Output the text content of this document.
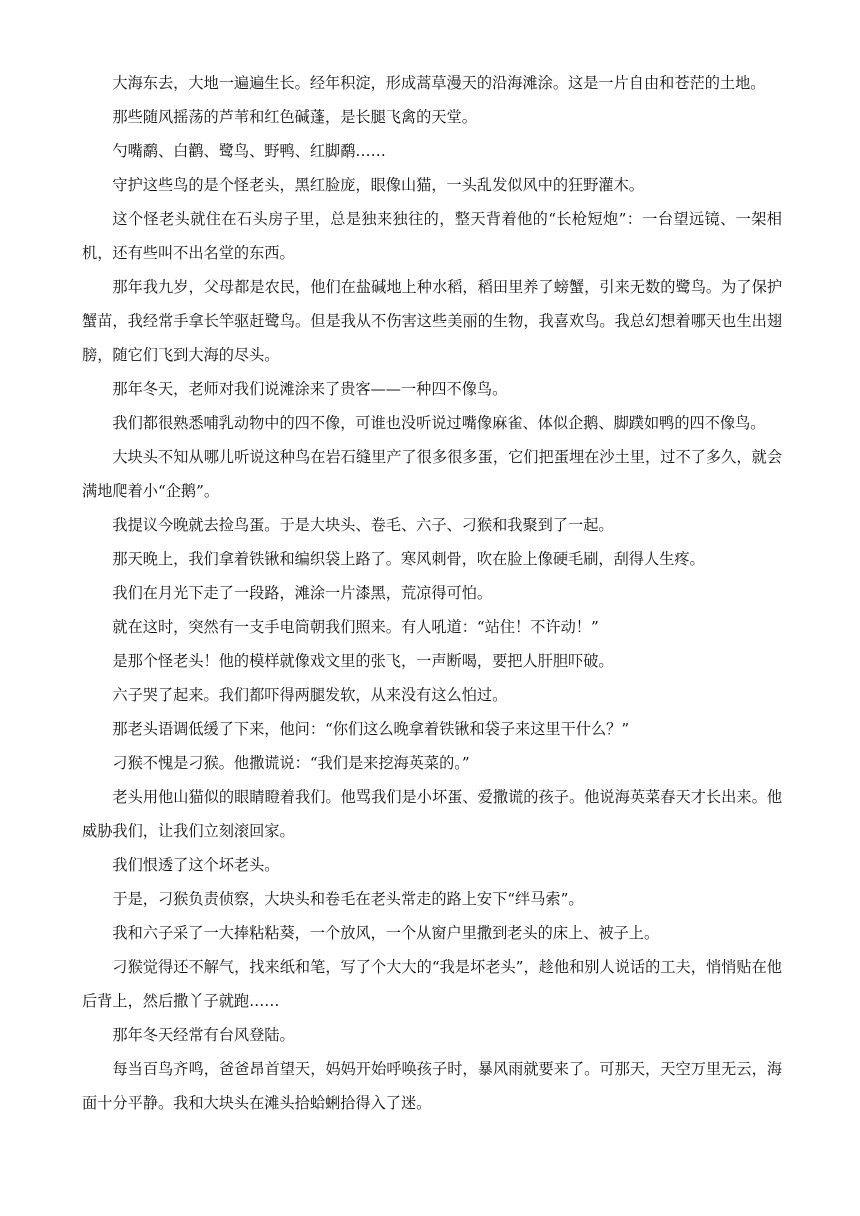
大海东去，大地一遍遍生长。经年积淀，形成蒿草漫天的沿海滩涂。这是一片自由和苍茫的土地。

那些随风摇荡的芦苇和红色碱蓬，是长腿飞禽的天堂。

勺嘴鹬、白鹳、鹭鸟、野鸭、红脚鹬……

守护这些鸟的是个怪老头，黑红脸庞，眼像山猫，一头乱发似风中的狂野灌木。

这个怪老头就住在石头房子里，总是独来独往的，整天背着他的“长枪短炮”：一台望远镜、一架相机，还有些叫不出名堂的东西。

那年我九岁，父母都是农民，他们在盐碱地上种水稻，稻田里养了螃蟹，引来无数的鹭鸟。为了保护蟹苗，我经常手拿长竿驱赶鹭鸟。但是我从不伤害这些美丽的生物，我喜欢鸟。我总幻想着哪天也生出翅膀，随它们飞到大海的尽头。

那年冬天，老师对我们说滩涂来了贵客——一种四不像鸟。

我们都很熟悉哺乳动物中的四不像，可谁也没听说过嘴像麻雀、体似企鹅、脚蹼如鸭的四不像鸟。

大块头不知从哪儿听说这种鸟在岩石缝里产了很多很多蛋，它们把蛋埋在沙土里，过不了多久，就会满地爬着小“企鹅”。

我提议今晚就去捡鸟蛋。于是大块头、卷毛、六子、刁猴和我聚到了一起。

那天晚上，我们拿着铁锹和编织袋上路了。寒风刺骨，吹在脸上像硬毛刷，刮得人生疼。

我们在月光下走了一段路，滩涂一片漆黑，荒凉得可怕。

就在这时，突然有一支手电筒朝我们照来。有人吼道：“站住！不许动！”

是那个怪老头！他的模样就像戏文里的张飞，一声断喝，要把人肝胆吓破。

六子哭了起来。我们都吓得两腿发软，从来没有这么怕过。

那老头语调低缓了下来，他问：“你们这么晚拿着铁锹和袋子来这里干什么？”

刁猴不愧是刁猴。他撒谎说：“我们是来挖海英菜的。”

老头用他山猫似的眼睛瞪着我们。他骂我们是小坏蛋、爱撒谎的孩子。他说海英菜春天才长出来。他威胁我们，让我们立刻滚回家。

我们恨透了这个坏老头。

于是，刁猴负责侦察，大块头和卷毛在老头常走的路上安下“绊马索”。

我和六子采了一大捧粘粘葵，一个放风，一个从窗户里撒到老头的床上、被子上。

刁猴觉得还不解气，找来纸和笔，写了个大大的“我是坏老头”，趁他和别人说话的工夫，悄悄贴在他后背上，然后撒丫子就跑……

那年冬天经常有台风登陆。

每当百鸟齐鸣，爸爸昂首望天，妈妈开始呼唤孩子时，暴风雨就要来了。可那天，天空万里无云，海面十分平静。我和大块头在滩头拾蛤蜊拾得入了迷。
